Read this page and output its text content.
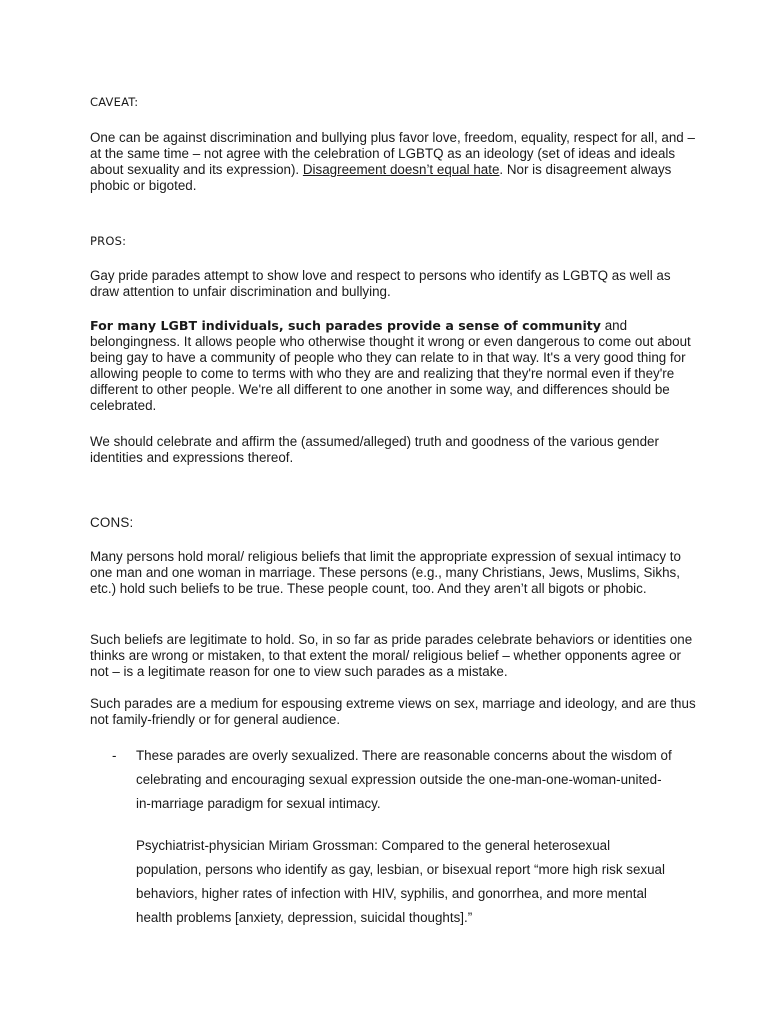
CAVEAT:

One can be against discrimination and bullying plus favor love, freedom, equality, respect for all, and – at the same time – not agree with the celebration of LGBTQ as an ideology (set of ideas and ideals about sexuality and its expression). Disagreement doesn’t equal hate. Nor is disagreement always phobic or bigoted.

PROS:

Gay pride parades attempt to show love and respect to persons who identify as LGBTQ as well as draw attention to unfair discrimination and bullying.

For many LGBT individuals, such parades provide a sense of community and belongingness. It allows people who otherwise thought it wrong or even dangerous to come out about being gay to have a community of people who they can relate to in that way. It's a very good thing for allowing people to come to terms with who they are and realizing that they're normal even if they're different to other people. We're all different to one another in some way, and differences should be celebrated.

We should celebrate and affirm the (assumed/alleged) truth and goodness of the various gender identities and expressions thereof.

CONS:

Many persons hold moral/ religious beliefs that limit the appropriate expression of sexual intimacy to one man and one woman in marriage. These persons (e.g., many Christians, Jews, Muslims, Sikhs, etc.) hold such beliefs to be true. These people count, too. And they aren’t all bigots or phobic.

Such beliefs are legitimate to hold. So, in so far as pride parades celebrate behaviors or identities one thinks are wrong or mistaken, to that extent the moral/ religious belief – whether opponents agree or not – is a legitimate reason for one to view such parades as a mistake.

Such parades are a medium for espousing extreme views on sex, marriage and ideology, and are thus not family-friendly or for general audience.

- These parades are overly sexualized. There are reasonable concerns about the wisdom of celebrating and encouraging sexual expression outside the one-man-one-woman-united-in-marriage paradigm for sexual intimacy.

Psychiatrist-physician Miriam Grossman: Compared to the general heterosexual population, persons who identify as gay, lesbian, or bisexual report “more high risk sexual behaviors, higher rates of infection with HIV, syphilis, and gonorrhea, and more mental health problems [anxiety, depression, suicidal thoughts].”
